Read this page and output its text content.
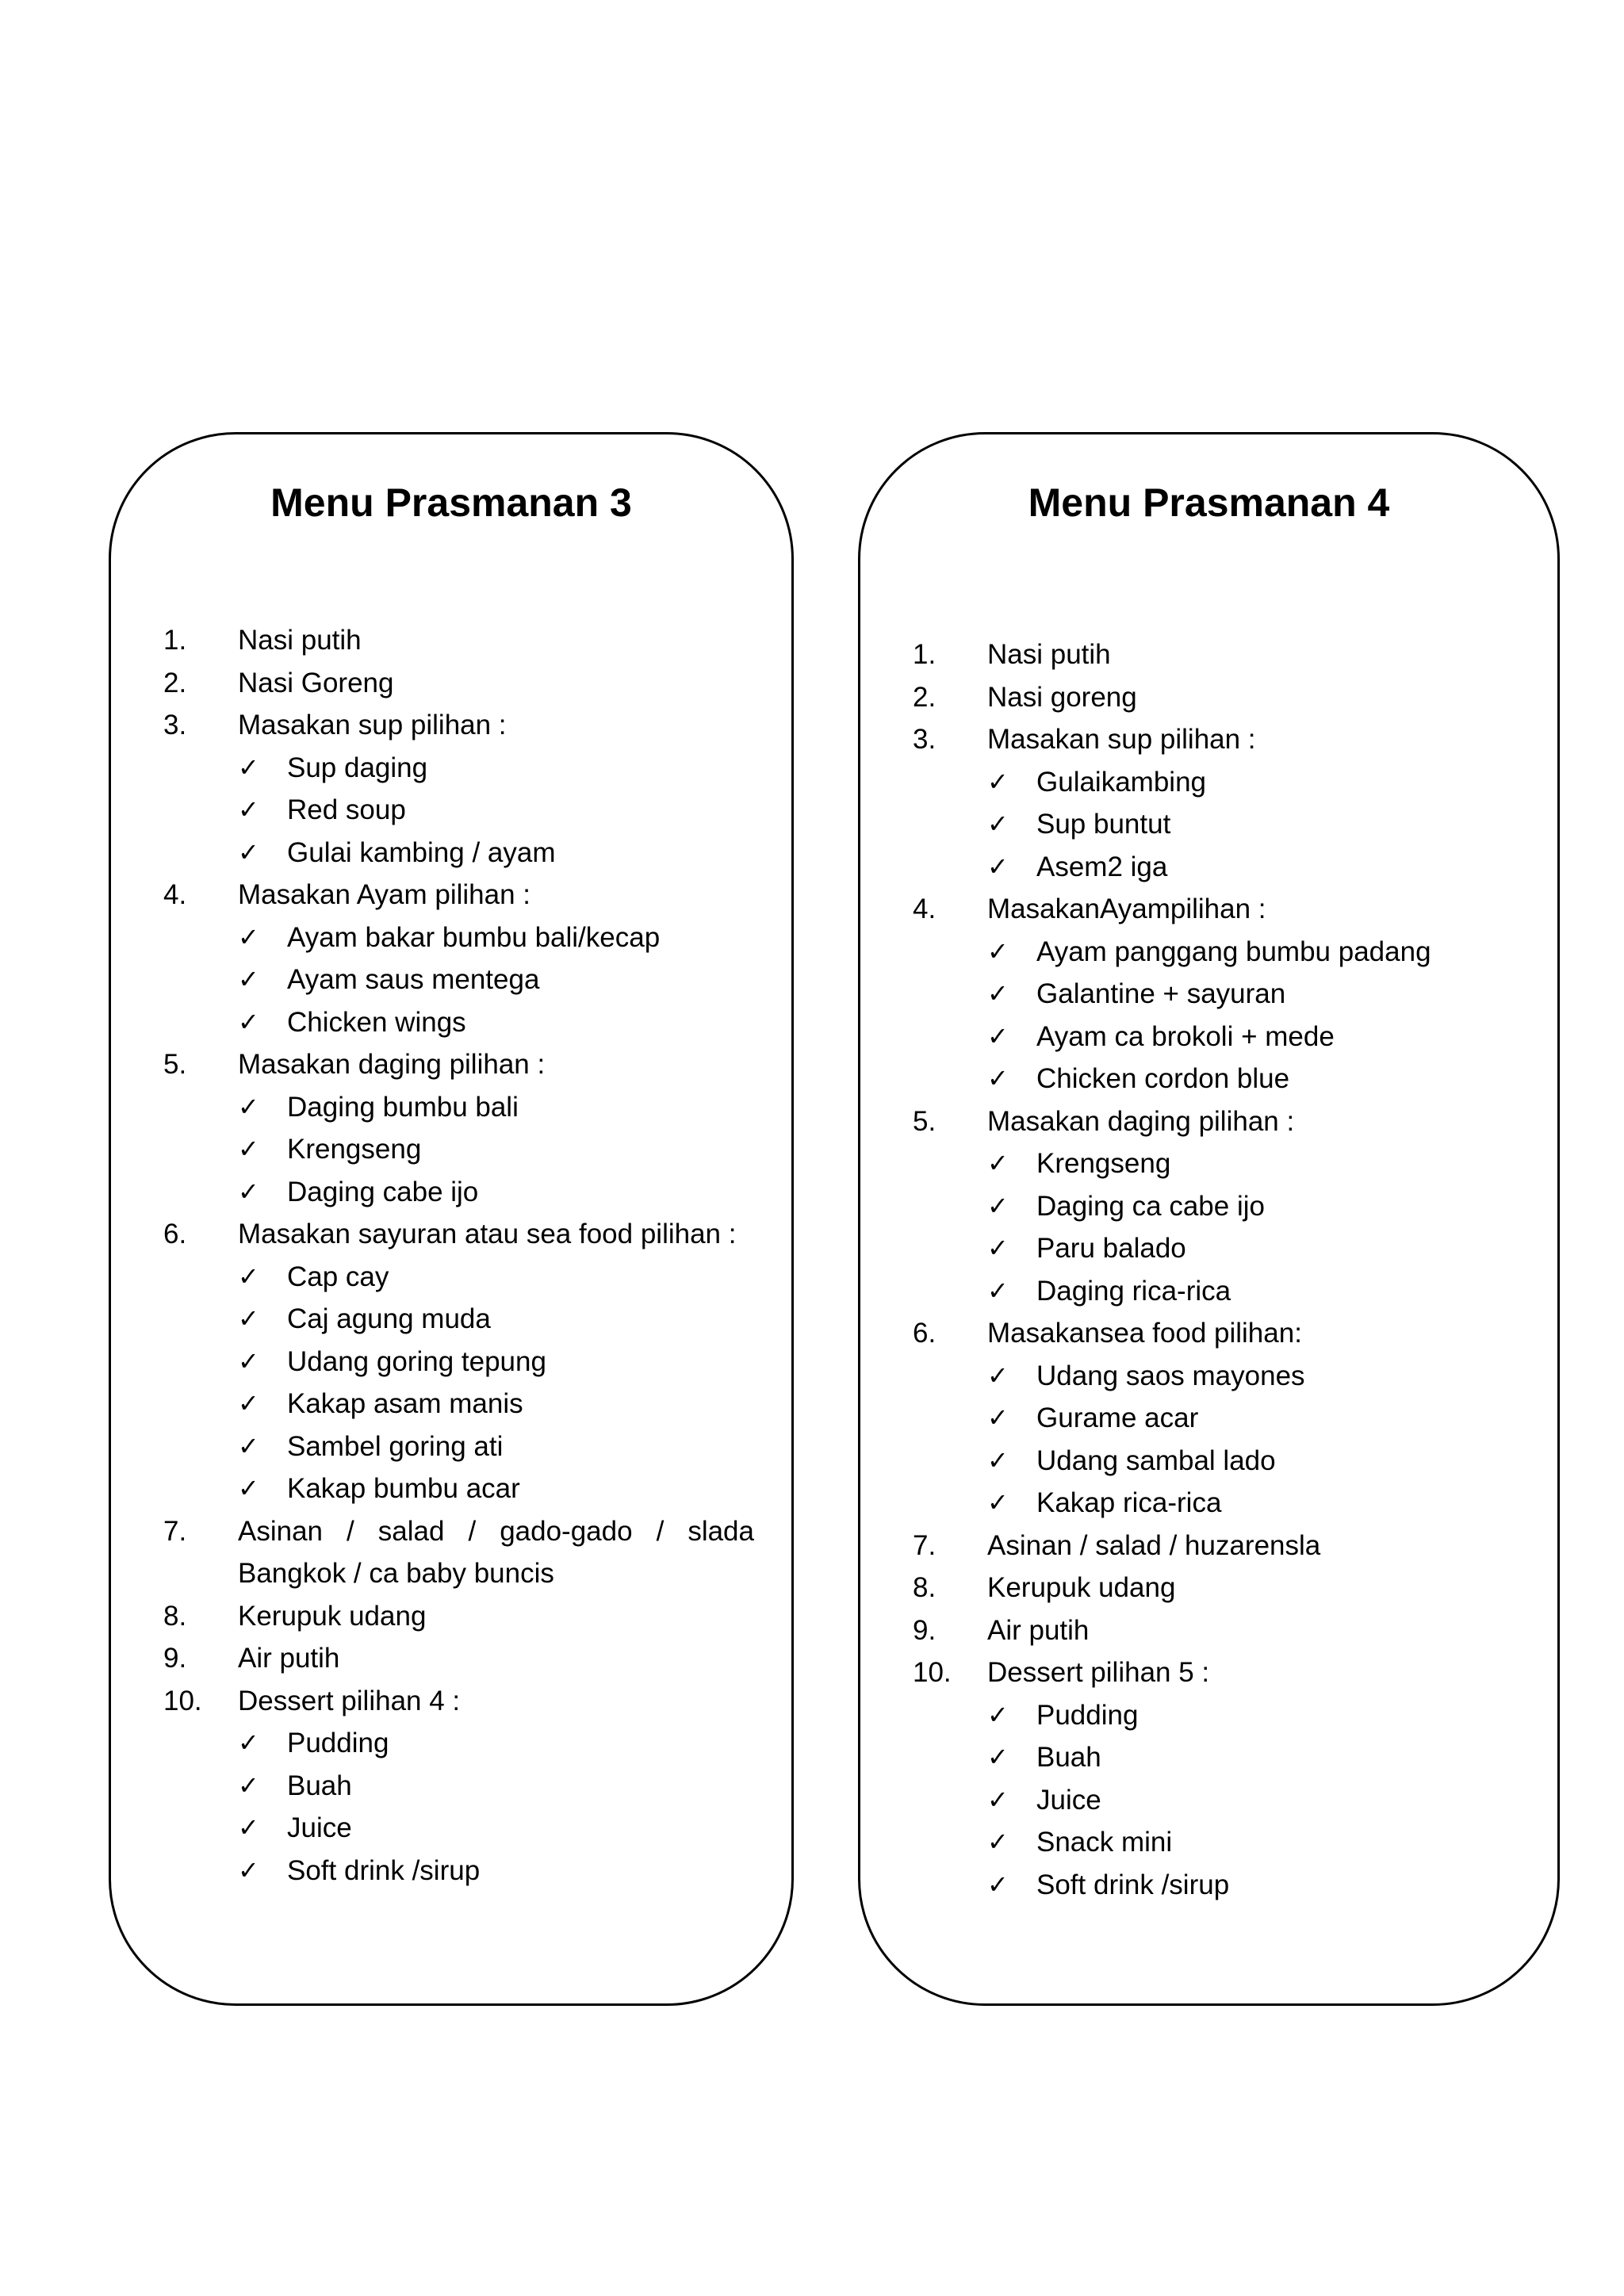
Menu Prasmanan 3
1. Nasi putih
2. Nasi Goreng
3. Masakan sup pilihan :
✓ Sup daging
✓ Red soup
✓ Gulai kambing / ayam
4. Masakan Ayam pilihan :
✓ Ayam bakar bumbu bali/kecap
✓ Ayam saus mentega
✓ Chicken wings
5. Masakan daging pilihan :
✓ Daging bumbu bali
✓ Krengseng
✓ Daging cabe ijo
6. Masakan sayuran atau sea food pilihan :
✓ Cap cay
✓ Caj agung muda
✓ Udang goring tepung
✓ Kakap asam manis
✓ Sambel goring ati
✓ Kakap bumbu acar
7. Asinan / salad / gado-gado / slada Bangkok / ca baby buncis
8. Kerupuk udang
9. Air putih
10. Dessert pilihan 4 :
✓ Pudding
✓ Buah
✓ Juice
✓ Soft drink /sirup
Menu Prasmanan 4
1. Nasi putih
2. Nasi goreng
3. Masakan sup pilihan :
✓ Gulaikambing
✓ Sup buntut
✓ Asem2 iga
4. MasakanAyampilihan :
✓ Ayam panggang bumbu padang
✓ Galantine + sayuran
✓ Ayam ca brokoli + mede
✓ Chicken cordon blue
5. Masakan daging pilihan :
✓ Krengseng
✓ Daging ca cabe ijo
✓ Paru balado
✓ Daging rica-rica
6. Masakansea food pilihan:
✓ Udang saos mayones
✓ Gurame acar
✓ Udang sambal lado
✓ Kakap rica-rica
7. Asinan / salad / huzarensla
8. Kerupuk udang
9. Air putih
10. Dessert pilihan 5 :
✓ Pudding
✓ Buah
✓ Juice
✓ Snack mini
✓ Soft drink /sirup
